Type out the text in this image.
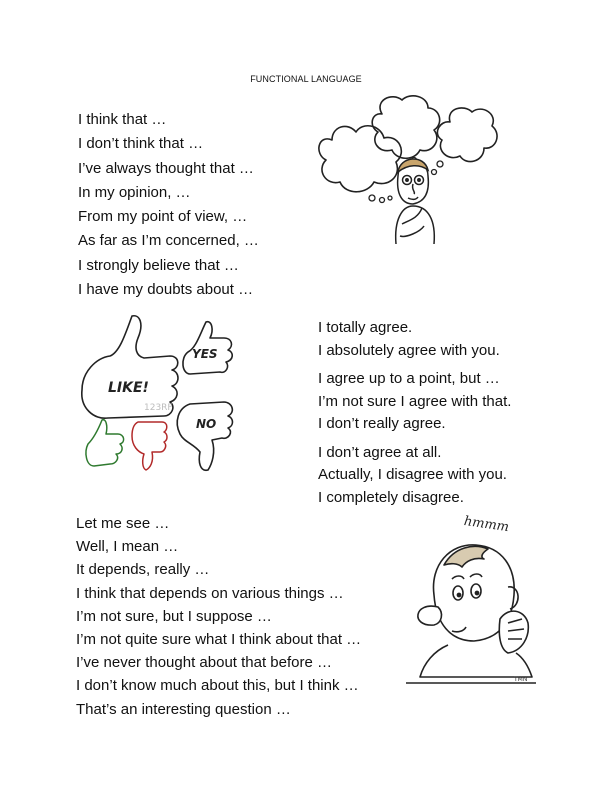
FUNCTIONAL LANGUAGE
I think that …
I don’t think that …
I’ve always thought that …
In my opinion, …
From my point of view, …
As far as I’m concerned, …
I strongly believe that …
I have my doubts about …
I totally agree.
I absolutely agree with you.
I agree up to a point, but …
I’m not sure I agree with that.
I don’t really agree.
I don’t agree at all.
Actually, I disagree with you.
I completely disagree.
Let me see …
Well, I mean …
It depends, really …
I think that depends on various things …
I’m not sure, but I suppose …
I’m not quite sure what I think about that …
I’ve never thought about that before …
I don’t know much about this, but I think …
That’s an interesting question …
LIKE!
YES
NO
123RF
hmmm
TMN
